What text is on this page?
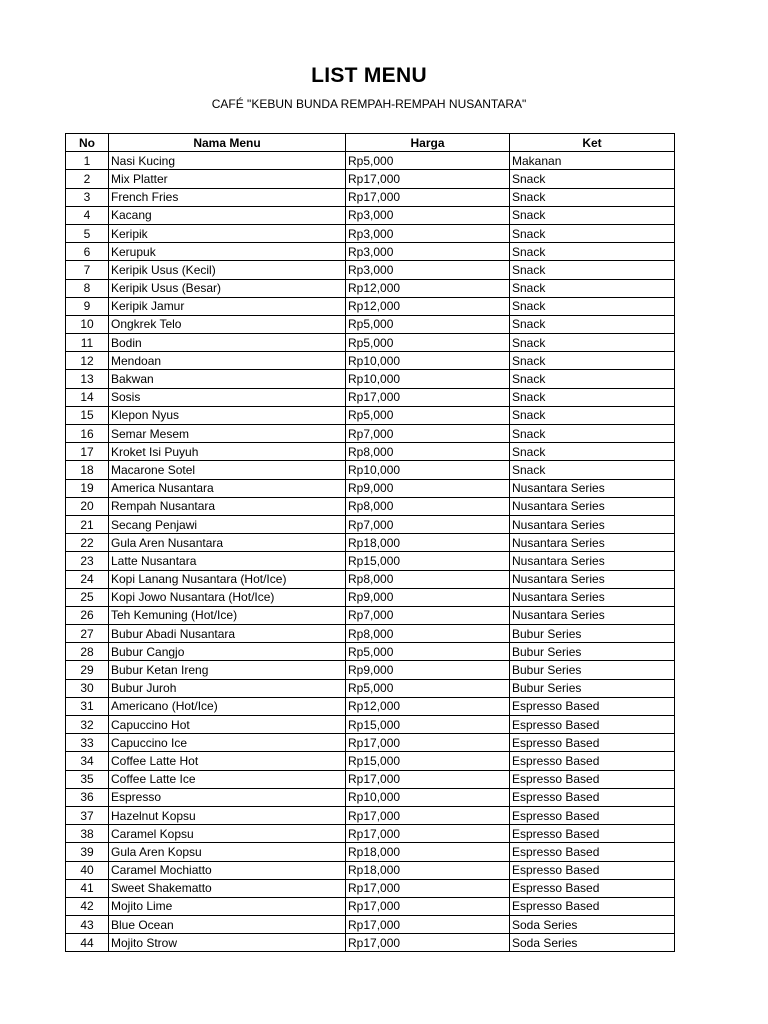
LIST MENU
CAFÉ "KEBUN BUNDA REMPAH-REMPAH NUSANTARA"
No	Nama Menu	Harga	Ket
1	Nasi Kucing	Rp5,000	Makanan
2	Mix Platter	Rp17,000	Snack
3	French Fries	Rp17,000	Snack
4	Kacang	Rp3,000	Snack
5	Keripik	Rp3,000	Snack
6	Kerupuk	Rp3,000	Snack
7	Keripik Usus (Kecil)	Rp3,000	Snack
8	Keripik Usus (Besar)	Rp12,000	Snack
9	Keripik Jamur	Rp12,000	Snack
10	Ongkrek Telo	Rp5,000	Snack
11	Bodin	Rp5,000	Snack
12	Mendoan	Rp10,000	Snack
13	Bakwan	Rp10,000	Snack
14	Sosis	Rp17,000	Snack
15	Klepon Nyus	Rp5,000	Snack
16	Semar Mesem	Rp7,000	Snack
17	Kroket Isi Puyuh	Rp8,000	Snack
18	Macarone Sotel	Rp10,000	Snack
19	America Nusantara	Rp9,000	Nusantara Series
20	Rempah Nusantara	Rp8,000	Nusantara Series
21	Secang Penjawi	Rp7,000	Nusantara Series
22	Gula Aren Nusantara	Rp18,000	Nusantara Series
23	Latte Nusantara	Rp15,000	Nusantara Series
24	Kopi Lanang Nusantara (Hot/Ice)	Rp8,000	Nusantara Series
25	Kopi Jowo Nusantara (Hot/Ice)	Rp9,000	Nusantara Series
26	Teh Kemuning (Hot/Ice)	Rp7,000	Nusantara Series
27	Bubur Abadi Nusantara	Rp8,000	Bubur Series
28	Bubur Cangjo	Rp5,000	Bubur Series
29	Bubur Ketan Ireng	Rp9,000	Bubur Series
30	Bubur Juroh	Rp5,000	Bubur Series
31	Americano (Hot/Ice)	Rp12,000	Espresso Based
32	Capuccino Hot	Rp15,000	Espresso Based
33	Capuccino Ice	Rp17,000	Espresso Based
34	Coffee Latte Hot	Rp15,000	Espresso Based
35	Coffee Latte Ice	Rp17,000	Espresso Based
36	Espresso	Rp10,000	Espresso Based
37	Hazelnut Kopsu	Rp17,000	Espresso Based
38	Caramel Kopsu	Rp17,000	Espresso Based
39	Gula Aren Kopsu	Rp18,000	Espresso Based
40	Caramel Mochiatto	Rp18,000	Espresso Based
41	Sweet Shakematto	Rp17,000	Espresso Based
42	Mojito Lime	Rp17,000	Espresso Based
43	Blue Ocean	Rp17,000	Soda Series
44	Mojito Strow	Rp17,000	Soda Series
